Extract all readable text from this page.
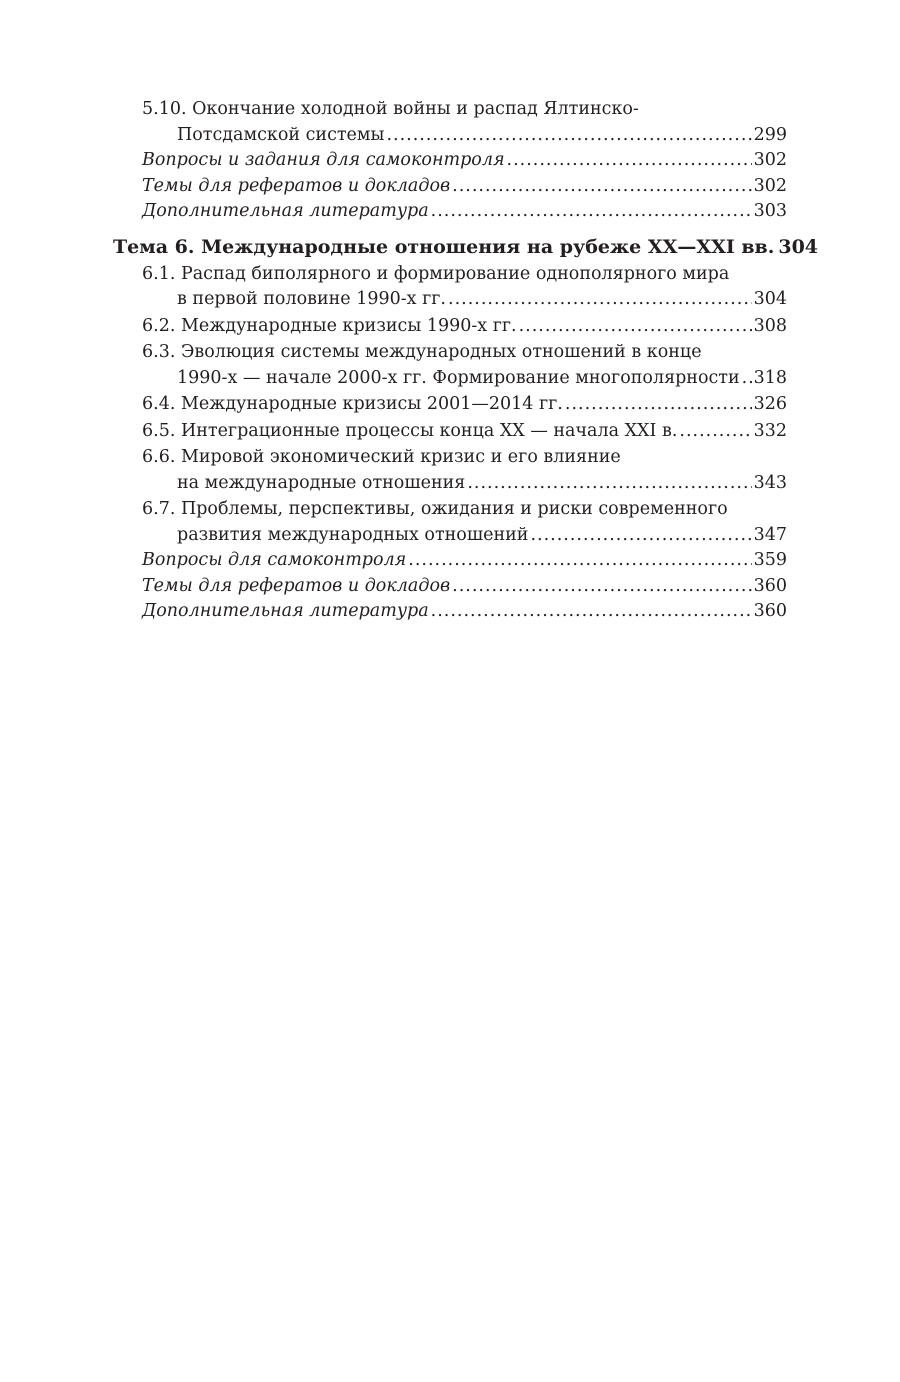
5.10. Окончание холодной войны и распад Ялтинско-
Потсдамской системы .....	299
Вопросы и задания для самоконтроля .....	302
Темы для рефератов и докладов .....	302
Дополнительная литература .....	303
Тема 6. Международные отношения на рубеже XX—XXI вв. 304
6.1. Распад биполярного и формирование однополярного мира
в первой половине 1990-х гг. .....	304
6.2. Международные кризисы 1990-х гг. .....	308
6.3. Эволюция системы международных отношений в конце
1990-х — начале 2000-х гг. Формирование многополярности ..... 318
6.4. Международные кризисы 2001—2014 гг. .....	326
6.5. Интеграционные процессы конца XX — начала XXI в. .....	332
6.6. Мировой экономический кризис и его влияние
на международные отношения .....	343
6.7. Проблемы, перспективы, ожидания и риски современного
развития международных отношений .....	347
Вопросы для самоконтроля .....	359
Темы для рефератов и докладов .....	360
Дополнительная литература .....	360
